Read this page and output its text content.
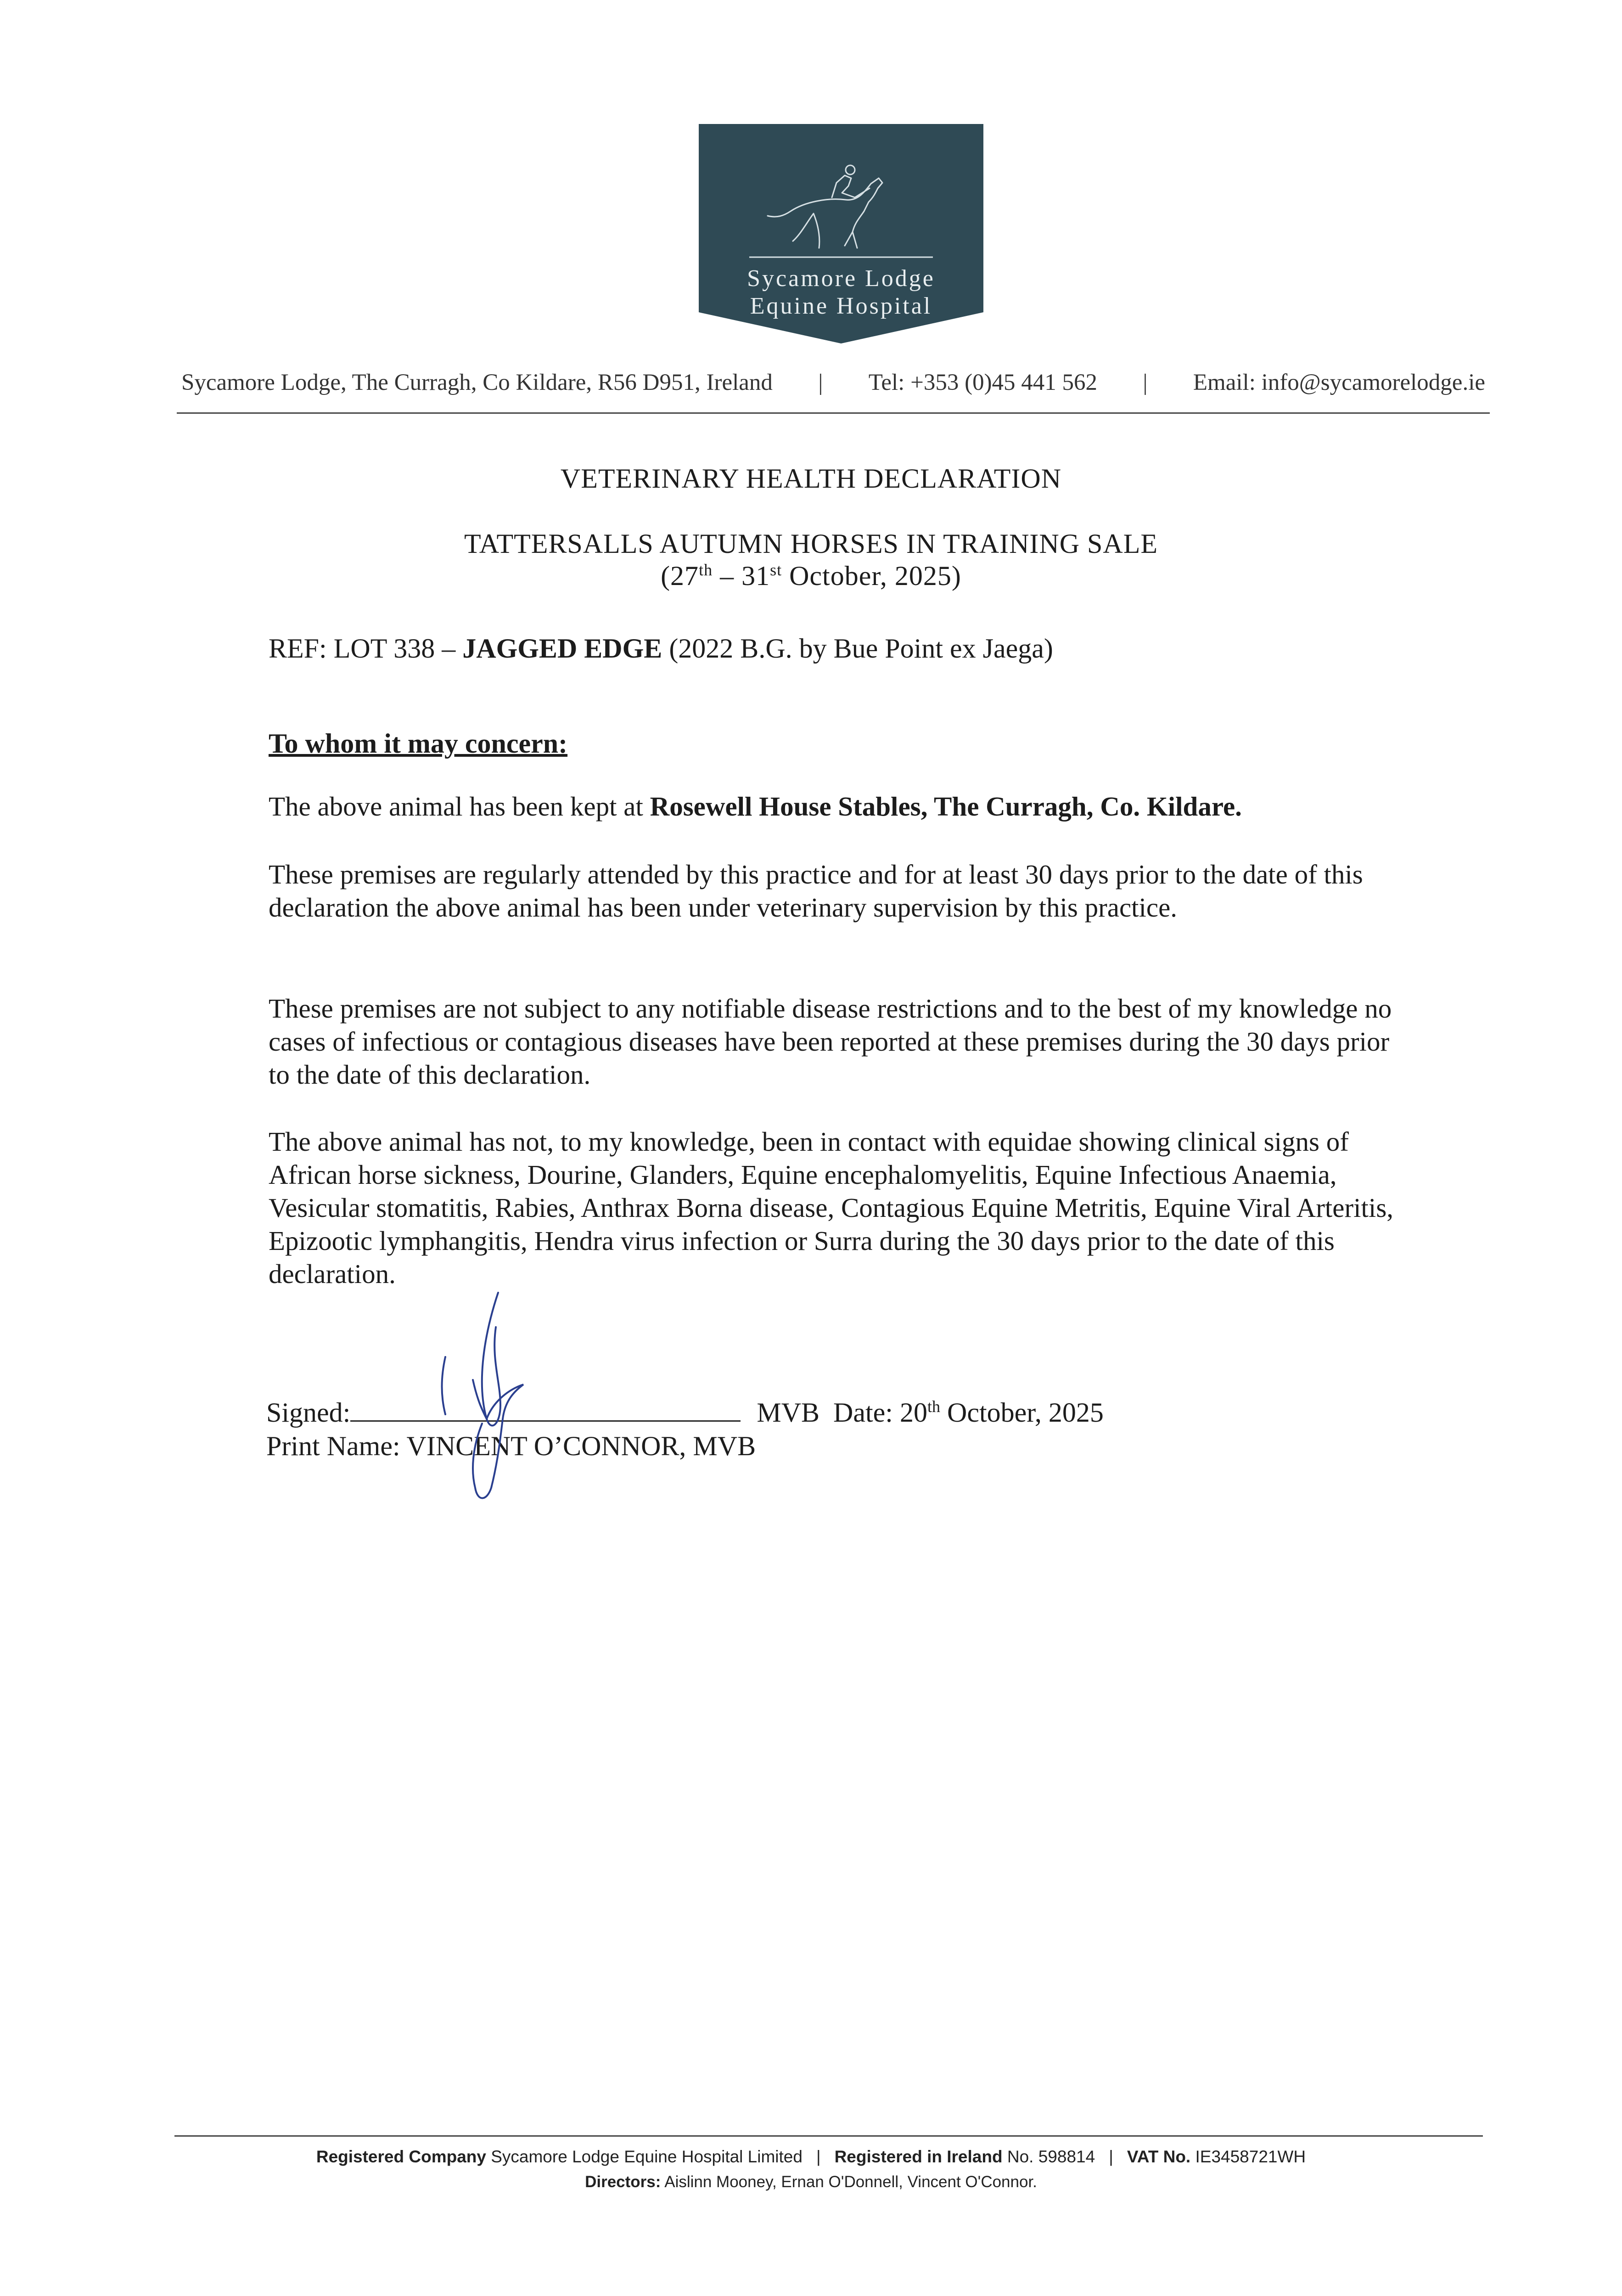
Sycamore Lodge
Equine Hospital
Sycamore Lodge, The Curragh, Co Kildare, R56 D951, Ireland | Tel: +353 (0)45 441 562 | Email: info@sycamorelodge.ie
VETERINARY HEALTH DECLARATION
TATTERSALLS AUTUMN HORSES IN TRAINING SALE
(27th – 31st October, 2025)
REF: LOT 338 – JAGGED EDGE (2022 B.G. by Bue Point ex Jaega)
To whom it may concern:
The above animal has been kept at Rosewell House Stables, The Curragh, Co. Kildare.
These premises are regularly attended by this practice and for at least 30 days prior to the date of this declaration the above animal has been under veterinary supervision by this practice.
These premises are not subject to any notifiable disease restrictions and to the best of my knowledge no cases of infectious or contagious diseases have been reported at these premises during the 30 days prior to the date of this declaration.
The above animal has not, to my knowledge, been in contact with equidae showing clinical signs of African horse sickness, Dourine, Glanders, Equine encephalomyelitis, Equine Infectious Anaemia, Vesicular stomatitis, Rabies, Anthrax Borna disease, Contagious Equine Metritis, Equine Viral Arteritis, Epizootic lymphangitis, Hendra virus infection or Surra during the 30 days prior to the date of this declaration.
Signed:	MVB Date: 20th October, 2025
Print Name: VINCENT O’CONNOR, MVB
Registered Company Sycamore Lodge Equine Hospital Limited | Registered in Ireland No. 598814 | VAT No. IE3458721WH
Directors: Aislinn Mooney, Ernan O'Donnell, Vincent O'Connor.
